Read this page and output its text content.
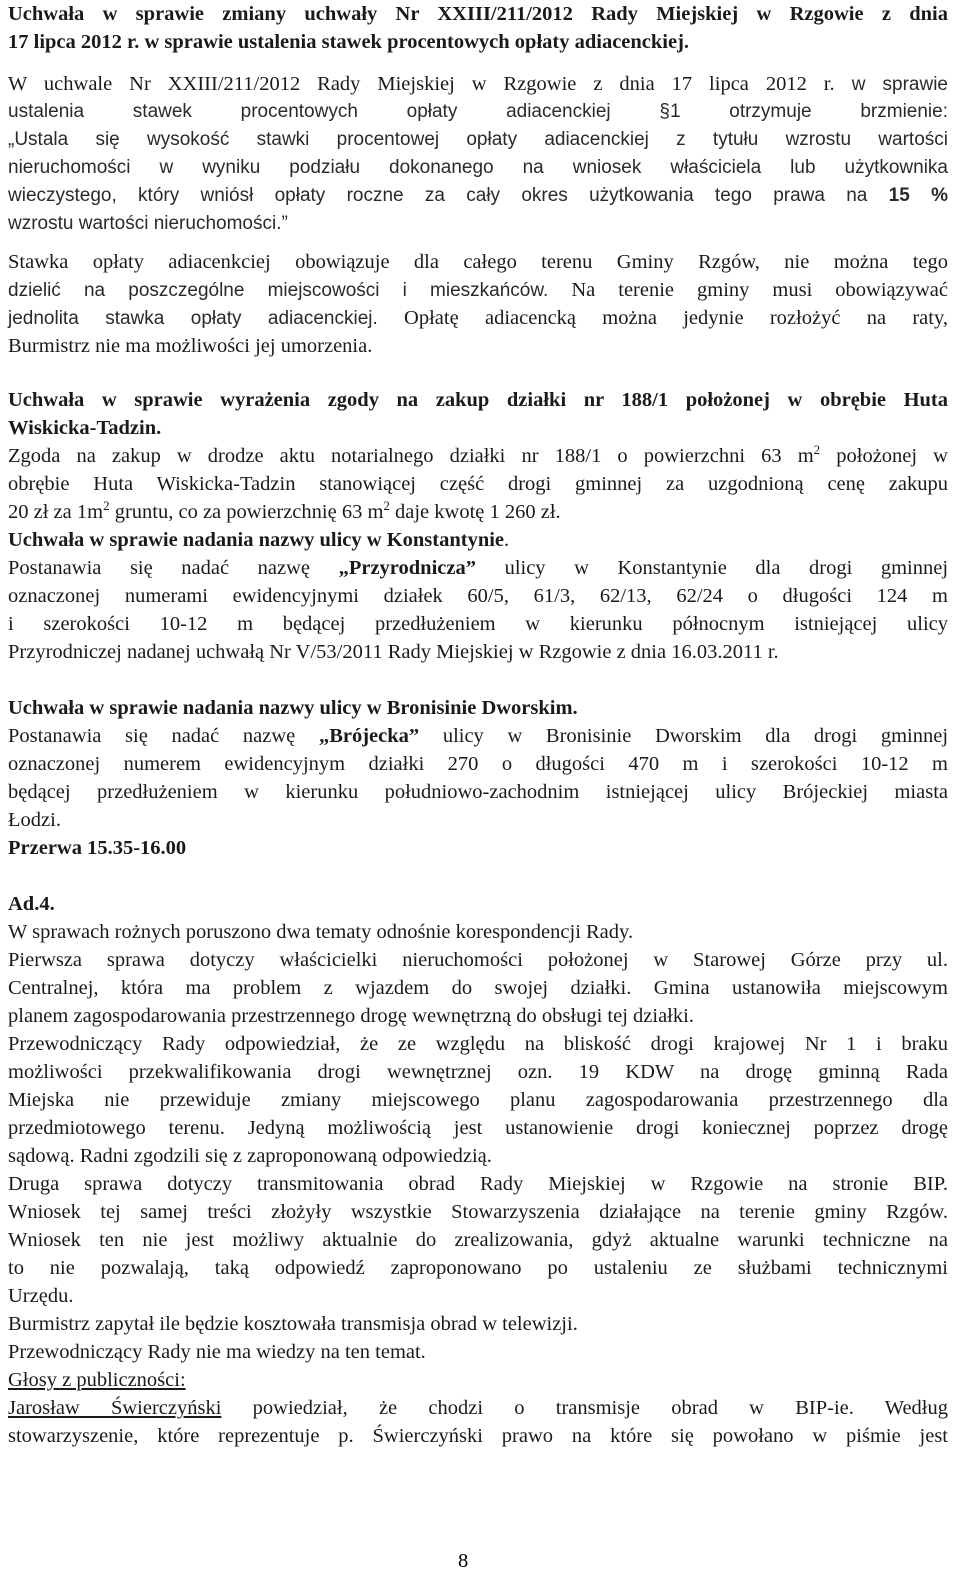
Uchwała w sprawie zmiany uchwały Nr XXIII/211/2012 Rady Miejskiej w Rzgowie z dnia
17 lipca 2012 r. w sprawie ustalenia stawek procentowych opłaty adiacenckiej.
W uchwale Nr XXIII/211/2012 Rady Miejskiej w Rzgowie z dnia 17 lipca 2012 r. w sprawie
ustalenia stawek procentowych opłaty adiacenckiej §1 otrzymuje brzmienie:
„Ustala się wysokość stawki procentowej opłaty adiacenckiej z tytułu wzrostu wartości
nieruchomości w wyniku podziału dokonanego na wniosek właściciela lub użytkownika
wieczystego, który wniósł opłaty roczne za cały okres użytkowania tego prawa na 15 %
wzrostu wartości nieruchomości.”
Stawka opłaty adiacenkciej obowiązuje dla całego terenu Gminy Rzgów, nie można tego
dzielić na poszczególne miejscowości i mieszkańców. Na terenie gminy musi obowiązywać
jednolita stawka opłaty adiacenckiej. Opłatę adiacencką można jedynie rozłożyć na raty,
Burmistrz nie ma możliwości jej umorzenia.
Uchwała w sprawie wyrażenia zgody na zakup działki nr 188/1 położonej w obrębie Huta
Wiskicka-Tadzin.
Zgoda na zakup w drodze aktu notarialnego działki nr 188/1 o powierzchni 63 $m^2$ położonej w
obrębie Huta Wiskicka-Tadzin stanowiącej część drogi gminnej za uzgodnioną cenę zakupu
20 zł za $1m^2$ gruntu, co za powierzchnię 63 $m^2$ daje kwotę 1 260 zł.
Uchwała w sprawie nadania nazwy ulicy w Konstantynie.
Postanawia się nadać nazwę „Przyrodnicza” ulicy w Konstantynie dla drogi gminnej
oznaczonej numerami ewidencyjnymi działek 60/5, 61/3, 62/13, 62/24 o długości 124 m
i szerokości 10-12 m będącej przedłużeniem w kierunku północnym istniejącej ulicy
Przyrodniczej nadanej uchwałą Nr V/53/2011 Rady Miejskiej w Rzgowie z dnia 16.03.2011 r.
Uchwała w sprawie nadania nazwy ulicy w Bronisinie Dworskim.
Postanawia się nadać nazwę „Brójecka” ulicy w Bronisinie Dworskim dla drogi gminnej
oznaczonej numerem ewidencyjnym działki 270 o długości 470 m i szerokości 10-12 m
będącej przedłużeniem w kierunku południowo-zachodnim istniejącej ulicy Brójeckiej miasta
Łodzi.
Przerwa 15.35-16.00
Ad.4.
W sprawach rożnych poruszono dwa tematy odnośnie korespondencji Rady.
Pierwsza sprawa dotyczy właścicielki nieruchomości położonej w Starowej Górze przy ul.
Centralnej, która ma problem z wjazdem do swojej działki. Gmina ustanowiła miejscowym
planem zagospodarowania przestrzennego drogę wewnętrzną do obsługi tej działki.
Przewodniczący Rady odpowiedział, że ze względu na bliskość drogi krajowej Nr 1 i braku
możliwości przekwalifikowania drogi wewnętrznej ozn. 19 KDW na drogę gminną Rada
Miejska nie przewiduje zmiany miejscowego planu zagospodarowania przestrzennego dla
przedmiotowego terenu. Jedyną możliwością jest ustanowienie drogi koniecznej poprzez drogę
sądową. Radni zgodzili się z zaproponowaną odpowiedzią.
Druga sprawa dotyczy transmitowania obrad Rady Miejskiej w Rzgowie na stronie BIP.
Wniosek tej samej treści złożyły wszystkie Stowarzyszenia działające na terenie gminy Rzgów.
Wniosek ten nie jest możliwy aktualnie do zrealizowania, gdyż aktualne warunki techniczne na
to nie pozwalają, taką odpowiedź zaproponowano po ustaleniu ze służbami technicznymi
Urzędu.
Burmistrz zapytał ile będzie kosztowała transmisja obrad w telewizji.
Przewodniczący Rady nie ma wiedzy na ten temat.
Głosy z publiczności:
Jarosław Świerczyński powiedział, że chodzi o transmisje obrad w BIP-ie. Według
stowarzyszenie, które reprezentuje p. Świerczyński prawo na które się powołano w piśmie jest
8
